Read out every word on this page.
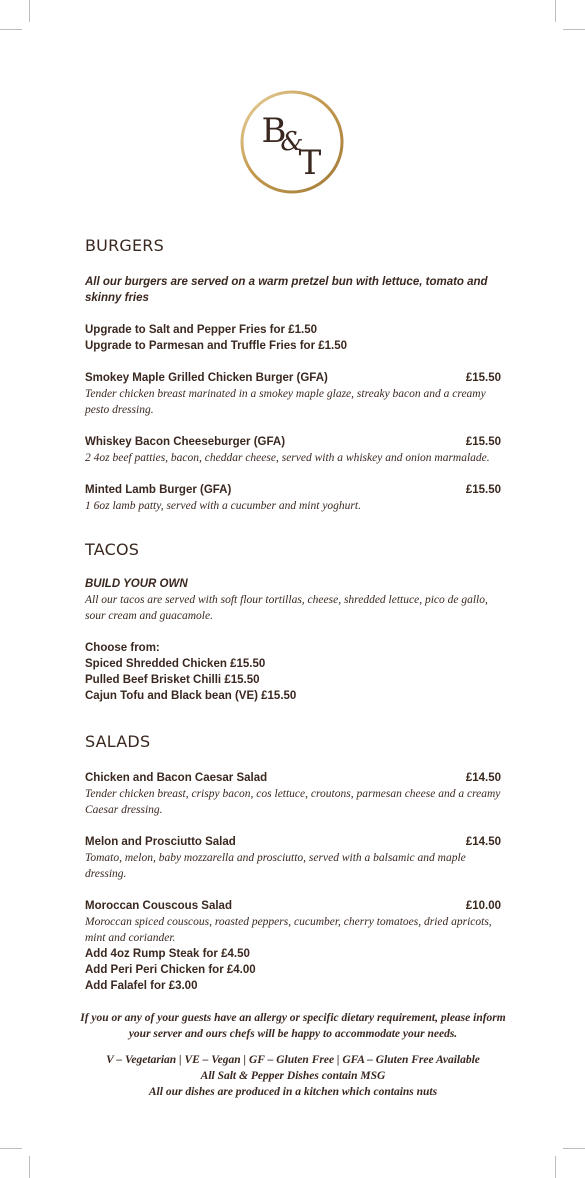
B
&
T
BURGERS
All our burgers are served on a warm pretzel bun with lettuce, tomato and skinny fries
Upgrade to Salt and Pepper Fries for £1.50
Upgrade to Parmesan and Truffle Fries for £1.50
Smokey Maple Grilled Chicken Burger (GFA)	£15.50
Tender chicken breast marinated in a smokey maple glaze, streaky bacon and a creamy pesto dressing.
Whiskey Bacon Cheeseburger (GFA)	£15.50
2 4oz beef patties, bacon, cheddar cheese, served with a whiskey and onion marmalade.
Minted Lamb Burger (GFA)	£15.50
1 6oz lamb patty, served with a cucumber and mint yoghurt.
TACOS
BUILD YOUR OWN
All our tacos are served with soft flour tortillas, cheese, shredded lettuce, pico de gallo, sour cream and guacamole.
Choose from:
Spiced Shredded Chicken £15.50
Pulled Beef Brisket Chilli £15.50
Cajun Tofu and Black bean (VE) £15.50
SALADS
Chicken and Bacon Caesar Salad	£14.50
Tender chicken breast, crispy bacon, cos lettuce, croutons, parmesan cheese and a creamy Caesar dressing.
Melon and Prosciutto Salad	£14.50
Tomato, melon, baby mozzarella and prosciutto, served with a balsamic and maple dressing.
Moroccan Couscous Salad	£10.00
Moroccan spiced couscous, roasted peppers, cucumber, cherry tomatoes, dried apricots, mint and coriander.
Add 4oz Rump Steak for £4.50
Add Peri Peri Chicken for £4.00
Add Falafel for £3.00
If you or any of your guests have an allergy or specific dietary requirement, please inform your server and ours chefs will be happy to accommodate your needs.
V – Vegetarian | VE – Vegan | GF – Gluten Free | GFA – Gluten Free Available
All Salt & Pepper Dishes contain MSG
All our dishes are produced in a kitchen which contains nuts
